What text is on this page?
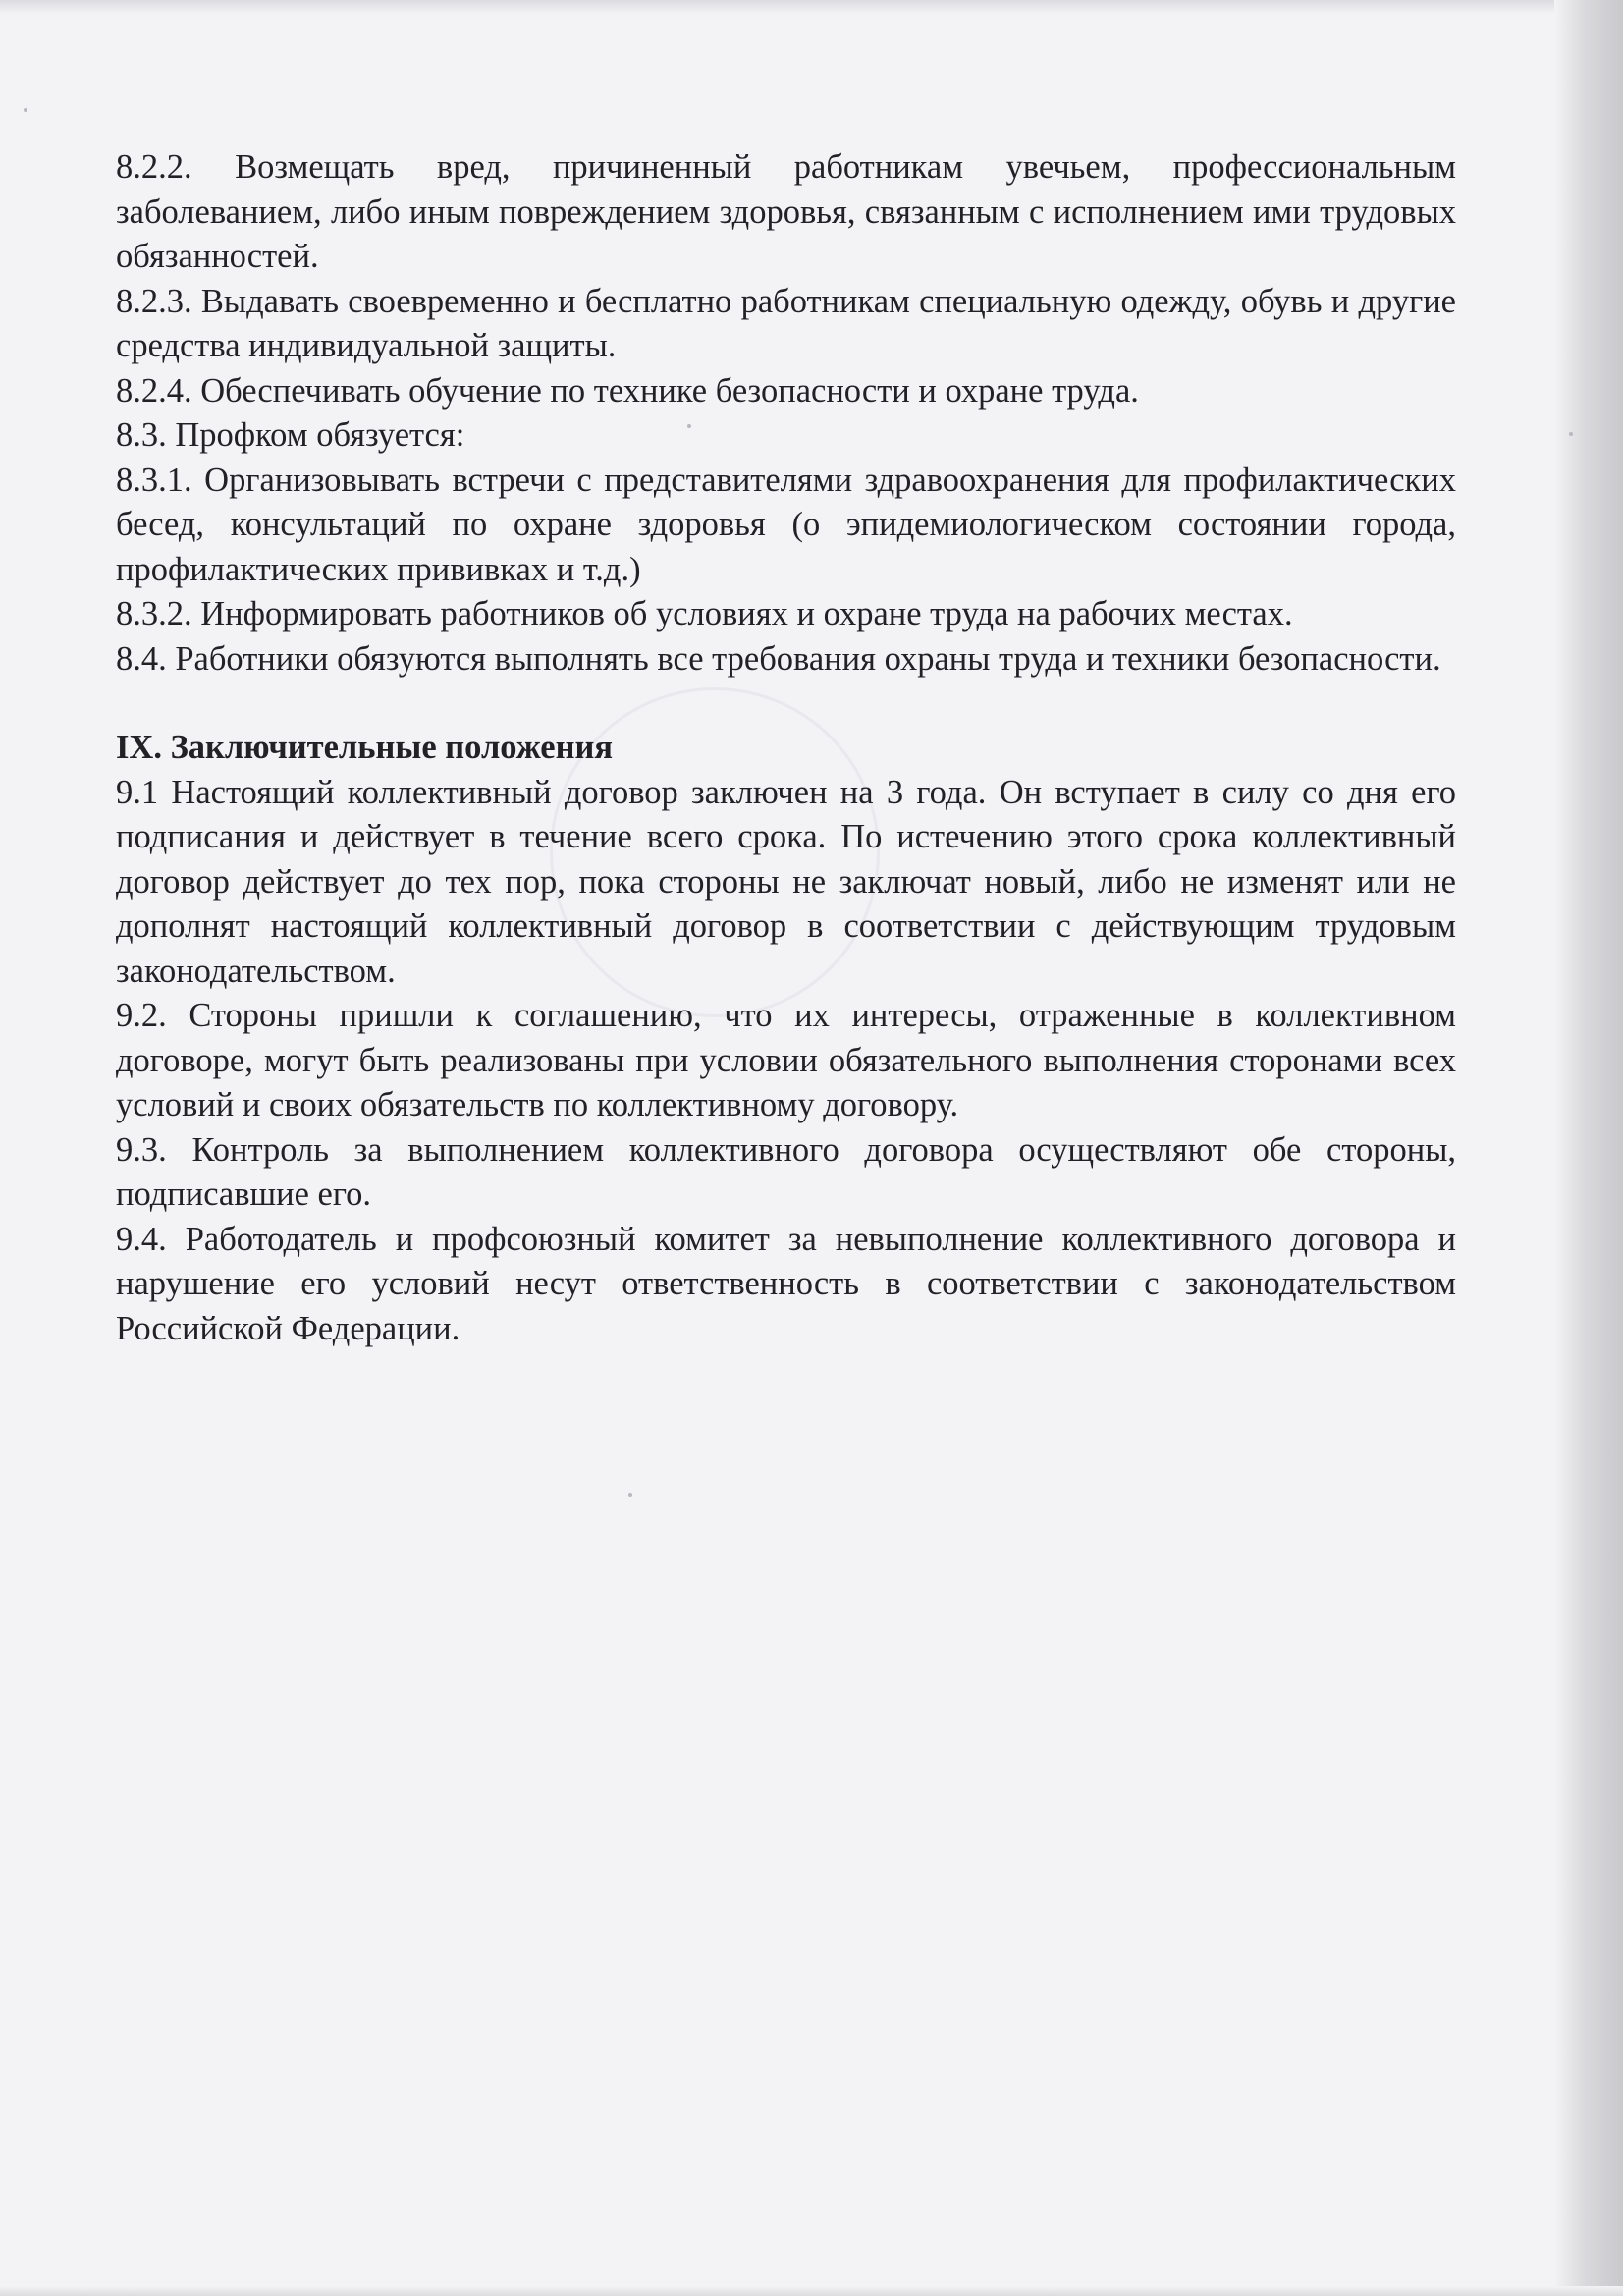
8.2.2. Возмещать вред, причиненный работникам увечьем, профессиональным заболеванием, либо иным повреждением здоровья, связанным с исполнением ими трудовых обязанностей.

8.2.3. Выдавать своевременно и бесплатно работникам специальную одежду, обувь и другие средства индивидуальной защиты.

8.2.4. Обеспечивать обучение по технике безопасности и охране труда.

8.3. Профком обязуется:

8.3.1. Организовывать встречи с представителями здравоохранения для профилактических бесед, консультаций по охране здоровья (о эпидемиологическом состоянии города, профилактических прививках и т.д.)

8.3.2. Информировать работников об условиях и охране труда на рабочих местах.

8.4. Работники обязуются выполнять все требования охраны труда и техники безопасности.

IX. Заключительные положения

9.1 Настоящий коллективный договор заключен на 3 года. Он вступает в силу со дня его подписания и действует в течение всего срока. По истечению этого срока коллективный договор действует до тех пор, пока стороны не заключат новый, либо не изменят или не дополнят настоящий коллективный договор в соответствии с действующим трудовым законодательством.

9.2. Стороны пришли к соглашению, что их интересы, отраженные в коллективном договоре, могут быть реализованы при условии обязательного выполнения сторонами всех условий и своих обязательств по коллективному договору.

9.3. Контроль за выполнением коллективного договора осуществляют обе стороны, подписавшие его.

9.4. Работодатель и профсоюзный комитет за невыполнение коллективного договора и нарушение его условий несут ответственность в соответствии с законодательством Российской Федерации.
